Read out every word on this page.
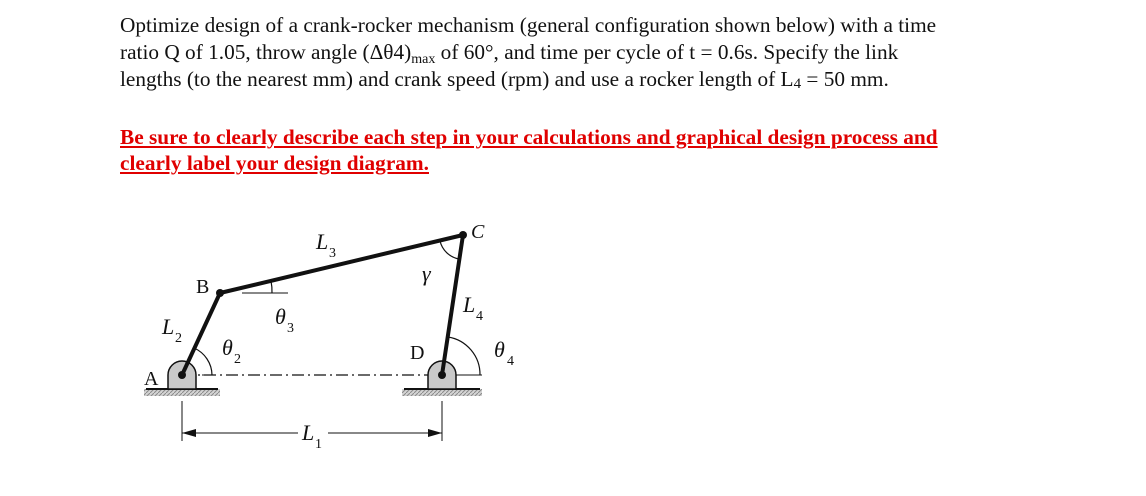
Optimize design of a crank-rocker mechanism (general configuration shown below) with a time
ratio Q of 1.05, throw angle $(\Delta\theta 4)_{max}$ of 60°, and time per cycle of t = 0.6s. Specify the link
lengths (to the nearest mm) and crank speed (rpm) and use a rocker length of L4 = 50 mm.
Be sure to clearly describe each step in your calculations and graphical design process and
clearly label your design diagram.
A
B
C
D
L 1
L 2
L 3
L 4
θ 2
θ 3
γ
θ 4
